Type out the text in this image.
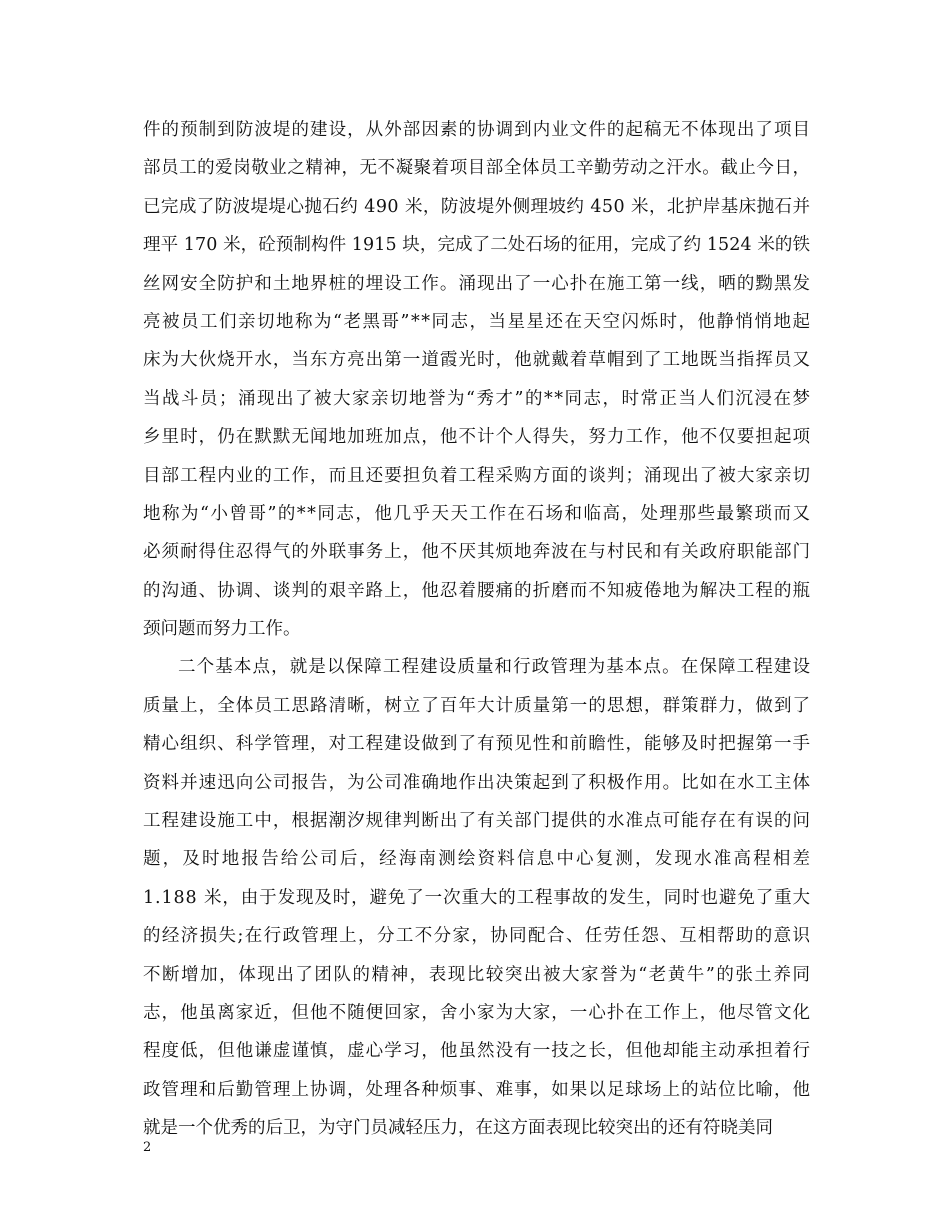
件的预制到防波堤的建设，从外部因素的协调到内业文件的起稿无不体现出了项目
部员工的爱岗敬业之精神，无不凝聚着项目部全体员工辛勤劳动之汗水。截止今日，
已完成了防波堤堤心抛石约 490 米，防波堤外侧理坡约 450 米，北护岸基床抛石并
理平 170 米，砼预制构件 1915 块，完成了二处石场的征用，完成了约 1524 米的铁
丝网安全防护和土地界桩的埋设工作。涌现出了一心扑在施工第一线，晒的黝黑发
亮被员工们亲切地称为“老黑哥”**同志，当星星还在天空闪烁时，他静悄悄地起
床为大伙烧开水，当东方亮出第一道霞光时，他就戴着草帽到了工地既当指挥员又
当战斗员；涌现出了被大家亲切地誉为“秀才”的**同志，时常正当人们沉浸在梦
乡里时，仍在默默无闻地加班加点，他不计个人得失，努力工作，他不仅要担起项
目部工程内业的工作，而且还要担负着工程采购方面的谈判；涌现出了被大家亲切
地称为“小曾哥”的**同志，他几乎天天工作在石场和临高，处理那些最繁琐而又
必须耐得住忍得气的外联事务上，他不厌其烦地奔波在与村民和有关政府职能部门
的沟通、协调、谈判的艰辛路上，他忍着腰痛的折磨而不知疲倦地为解决工程的瓶
颈问题而努力工作。
二个基本点，就是以保障工程建设质量和行政管理为基本点。在保障工程建设
质量上，全体员工思路清晰，树立了百年大计质量第一的思想，群策群力，做到了
精心组织、科学管理，对工程建设做到了有预见性和前瞻性，能够及时把握第一手
资料并速迅向公司报告，为公司准确地作出决策起到了积极作用。比如在水工主体
工程建设施工中，根据潮汐规律判断出了有关部门提供的水准点可能存在有误的问
题，及时地报告给公司后，经海南测绘资料信息中心复测，发现水准高程相差
1.188 米，由于发现及时，避免了一次重大的工程事故的发生，同时也避免了重大
的经济损失;在行政管理上，分工不分家，协同配合、任劳任怨、互相帮助的意识
不断增加，体现出了团队的精神，表现比较突出被大家誉为“老黄牛”的张土养同
志，他虽离家近，但他不随便回家，舍小家为大家，一心扑在工作上，他尽管文化
程度低，但他谦虚谨慎，虚心学习，他虽然没有一技之长，但他却能主动承担着行
政管理和后勤管理上协调，处理各种烦事、难事，如果以足球场上的站位比喻，他
就是一个优秀的后卫，为守门员减轻压力，在这方面表现比较突出的还有符晓美同
2
